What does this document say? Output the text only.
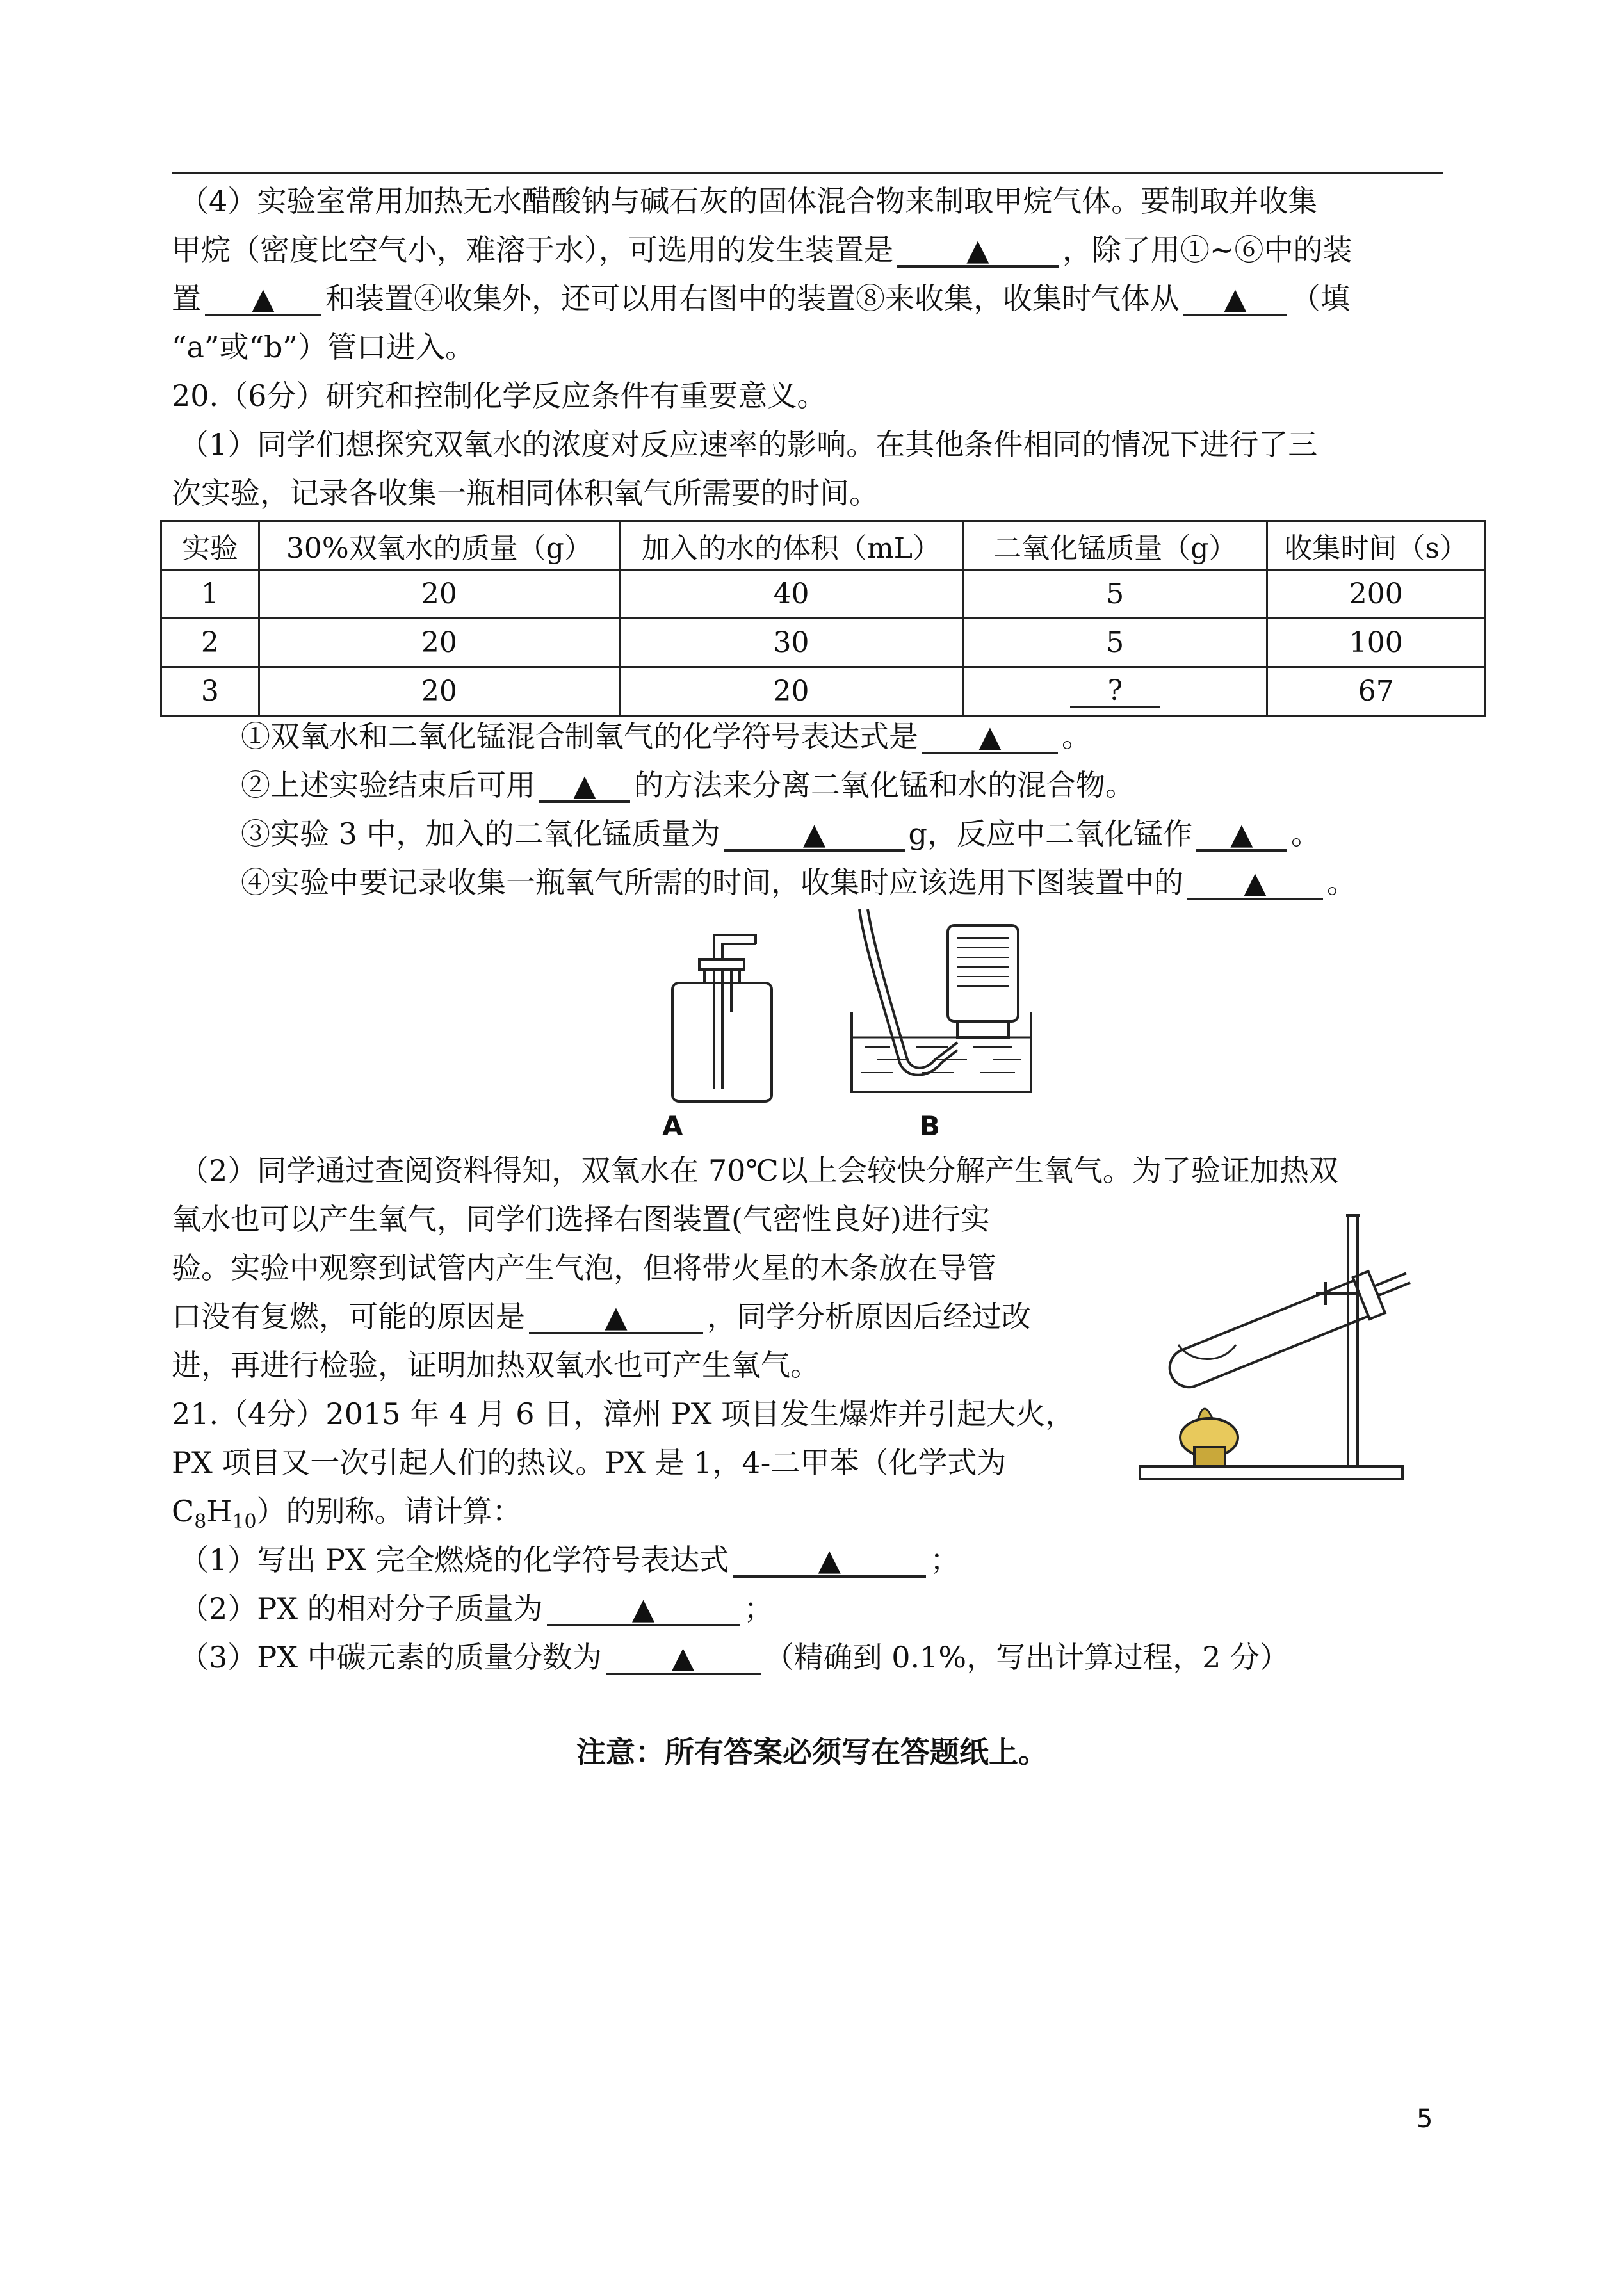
（4）实验室常用加热无水醋酸钠与碱石灰的固体混合物来制取甲烷气体。要制取并收集
甲烷（密度比空气小，难溶于水），可选用的发生装置是 ▲ ，除了用①~⑥中的装
置 ▲ 和装置④收集外，还可以用右图中的装置⑧来收集，收集时气体从 ▲ （填
“a”或“b”）管口进入。
20.（6分）研究和控制化学反应条件有重要意义。
（1）同学们想探究双氧水的浓度对反应速率的影响。在其他条件相同的情况下进行了三
次实验，记录各收集一瓶相同体积氧气所需要的时间。
实验	30%双氧水的质量（g）	加入的水的体积（mL）	二氧化锰质量（g）	收集时间（s）
1	20	40	5	200
2	20	30	5	100
3	20	20	?	67
①双氧水和二氧化锰混合制氧气的化学符号表达式是 ▲ 。
②上述实验结束后可用 ▲ 的方法来分离二氧化锰和水的混合物。
③实验 3 中，加入的二氧化锰质量为	▲	g，反应中二氧化锰作 ▲ 。
④实验中要记录收集一瓶氧气所需的时间，收集时应该选用下图装置中的 ▲ 。
A	B
（2）同学通过查阅资料得知，双氧水在 70℃以上会较快分解产生氧气。为了验证加热双
氧水也可以产生氧气，同学们选择右图装置(气密性良好)进行实
验。实验中观察到试管内产生气泡，但将带火星的木条放在导管
口没有复燃，可能的原因是	▲	，同学分析原因后经过改
进，再进行检验，证明加热双氧水也可产生氧气。
21.（4分）2015 年 4 月 6 日，漳州 PX 项目发生爆炸并引起大火，
PX 项目又一次引起人们的热议。PX 是 1，4-二甲苯（化学式为
$C_8H_{10}$）的别称。请计算：
（1）写出 PX 完全燃烧的化学符号表达式	▲	；
（2）PX 的相对分子质量为	▲	；
（3）PX 中碳元素的质量分数为 ▲ （精确到 0.1%，写出计算过程，2 分）
注意：所有答案必须写在答题纸上。
5
